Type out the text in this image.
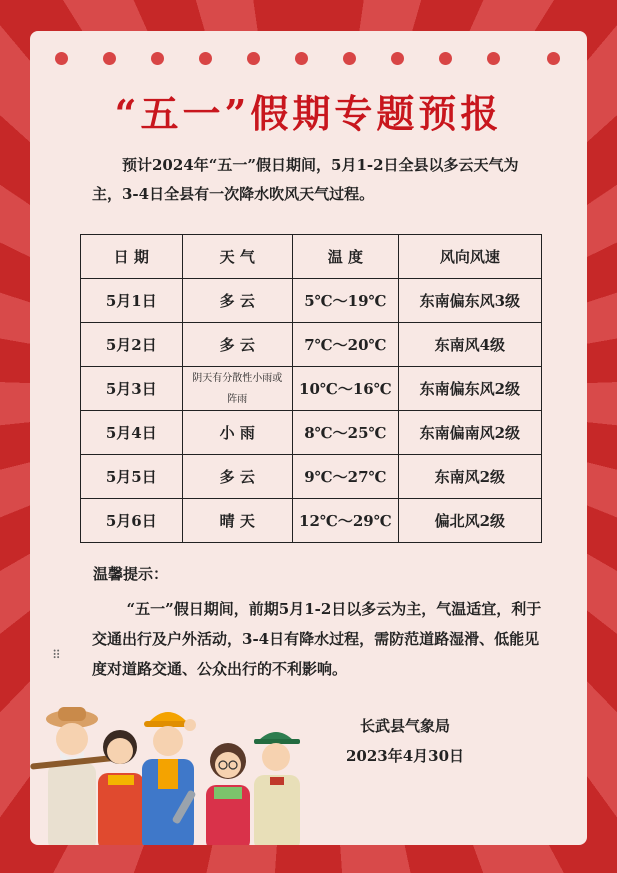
“五一”假期专题预报
预计2024年“五一”假日期间，5月1-2日全县以多云天气为主，3-4日全县有一次降水吹风天气过程。
日 期	天 气	温 度	风向风速
5月1日	多 云	5℃～19℃	东南偏东风3级
5月2日	多 云	7℃～20℃	东南风4级
5月3日	阴天有分散性小雨或阵雨	10℃～16℃	东南偏东风2级
5月4日	小 雨	8℃～25℃	东南偏南风2级
5月5日	多 云	9℃～27℃	东南风2级
5月6日	晴 天	12℃～29℃	偏北风2级
温馨提示：
“五一”假日期间，前期5月1-2日以多云为主，气温适宜，利于交通出行及户外活动，3-4日有降水过程，需防范道路湿滑、低能见度对道路交通、公众出行的不利影响。
⠿
长武县气象局
2023年4月30日
